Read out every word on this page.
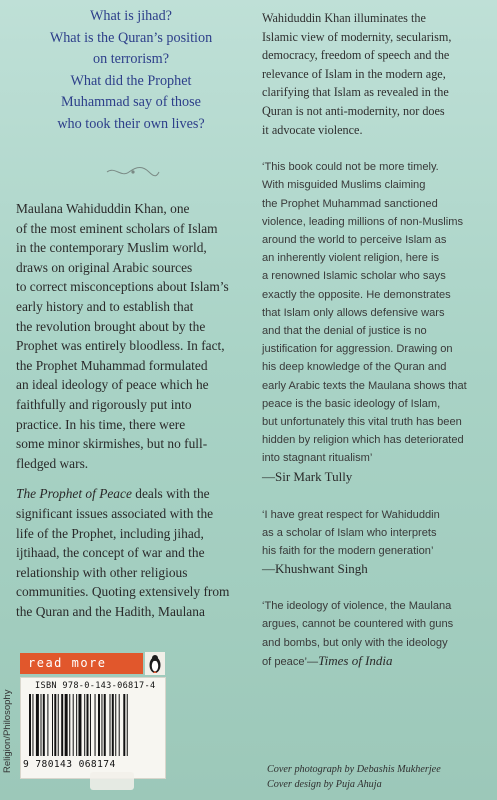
What is jihad?
What is the Quran’s position
on terrorism?
What did the Prophet
Muhammad say of those
who took their own lives?

Maulana Wahiduddin Khan, one
of the most eminent scholars of Islam
in the contemporary Muslim world,
draws on original Arabic sources
to correct misconceptions about Islam’s
early history and to establish that
the revolution brought about by the
Prophet was entirely bloodless. In fact,
the Prophet Muhammad formulated
an ideal ideology of peace which he
faithfully and rigorously put into
practice. In his time, there were
some minor skirmishes, but no full-
fledged wars.

The Prophet of Peace deals with the
significant issues associated with the
life of the Prophet, including jihad,
ijtihaad, the concept of war and the
relationship with other religious
communities. Quoting extensively from
the Quran and the Hadith, Maulana

Wahiduddin Khan illuminates the
Islamic view of modernity, secularism,
democracy, freedom of speech and the
relevance of Islam in the modern age,
clarifying that Islam as revealed in the
Quran is not anti-modernity, nor does
it advocate violence.
‘This book could not be more timely.
With misguided Muslims claiming
the Prophet Muhammad sanctioned
violence, leading millions of non-Muslims
around the world to perceive Islam as
an inherently violent religion, here is
a renowned Islamic scholar who says
exactly the opposite. He demonstrates
that Islam only allows defensive wars
and that the denial of justice is no
justification for aggression. Drawing on
his deep knowledge of the Quran and
early Arabic texts the Maulana shows that
peace is the basic ideology of Islam,
but unfortunately this vital truth has been
hidden by religion which has deteriorated
into stagnant ritualism’
—Sir Mark Tully
‘I have great respect for Wahiduddin
as a scholar of Islam who interprets
his faith for the modern generation’
—Khushwant Singh
‘The ideology of violence, the Maulana
argues, cannot be countered with guns
and bombs, but only with the ideology
of peace’—Times of India
Cover photograph by Debashis Mukherjee
Cover design by Puja Ahuja
Religion/Philosophy
read more
ISBN 978-0-143-06817-4
9 780143 068174
